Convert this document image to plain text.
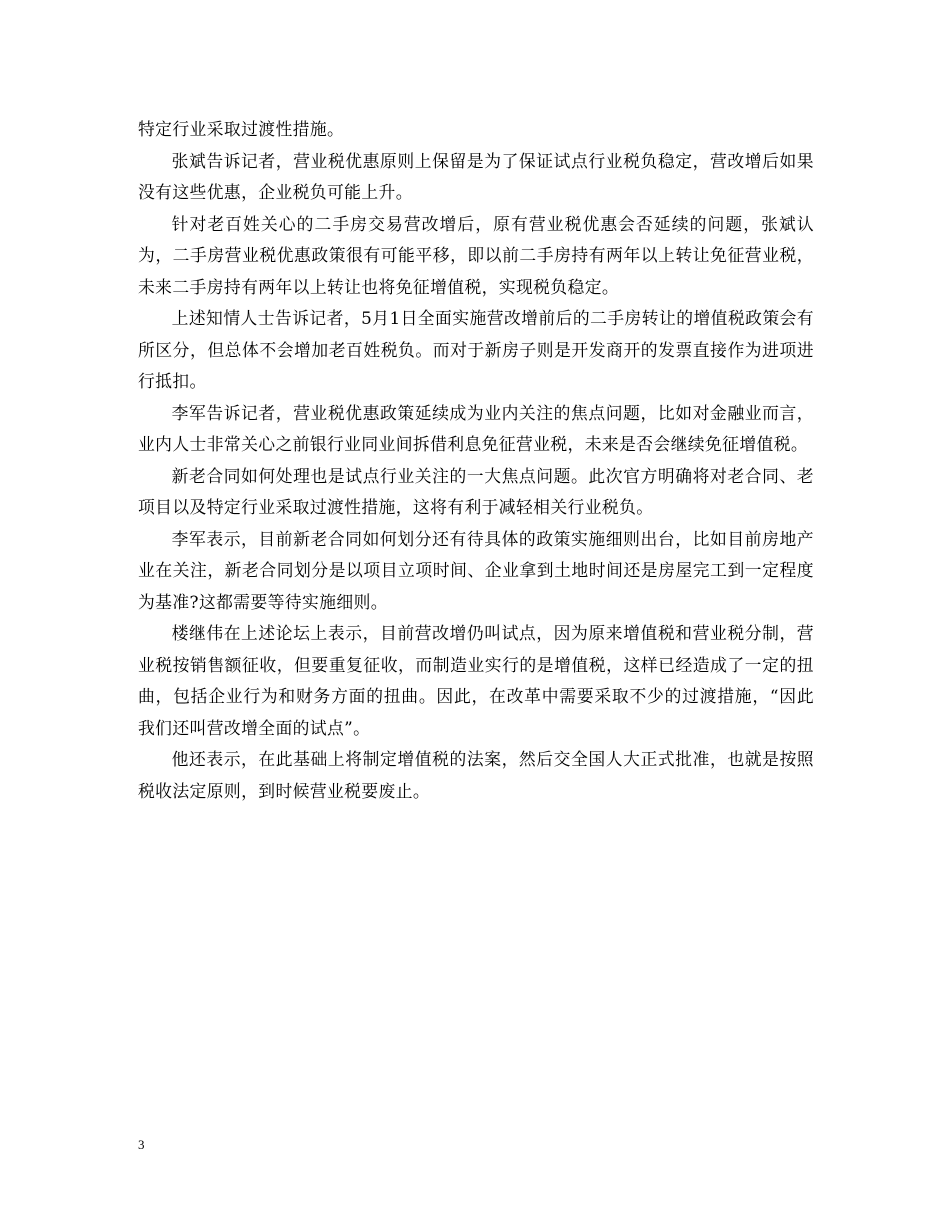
特定行业采取过渡性措施。

张斌告诉记者，营业税优惠原则上保留是为了保证试点行业税负稳定，营改增后如果没有这些优惠，企业税负可能上升。

针对老百姓关心的二手房交易营改增后，原有营业税优惠会否延续的问题，张斌认为，二手房营业税优惠政策很有可能平移，即以前二手房持有两年以上转让免征营业税，未来二手房持有两年以上转让也将免征增值税，实现税负稳定。

上述知情人士告诉记者，5月1日全面实施营改增前后的二手房转让的增值税政策会有所区分，但总体不会增加老百姓税负。而对于新房子则是开发商开的发票直接作为进项进行抵扣。

李军告诉记者，营业税优惠政策延续成为业内关注的焦点问题，比如对金融业而言，业内人士非常关心之前银行业同业间拆借利息免征营业税，未来是否会继续免征增值税。

新老合同如何处理也是试点行业关注的一大焦点问题。此次官方明确将对老合同、老项目以及特定行业采取过渡性措施，这将有利于减轻相关行业税负。

李军表示，目前新老合同如何划分还有待具体的政策实施细则出台，比如目前房地产业在关注，新老合同划分是以项目立项时间、企业拿到土地时间还是房屋完工到一定程度为基准?这都需要等待实施细则。

楼继伟在上述论坛上表示，目前营改增仍叫试点，因为原来增值税和营业税分制，营业税按销售额征收，但要重复征收，而制造业实行的是增值税，这样已经造成了一定的扭曲，包括企业行为和财务方面的扭曲。因此，在改革中需要采取不少的过渡措施，“因此我们还叫营改增全面的试点”。

他还表示，在此基础上将制定增值税的法案，然后交全国人大正式批准，也就是按照税收法定原则，到时候营业税要废止。

3
